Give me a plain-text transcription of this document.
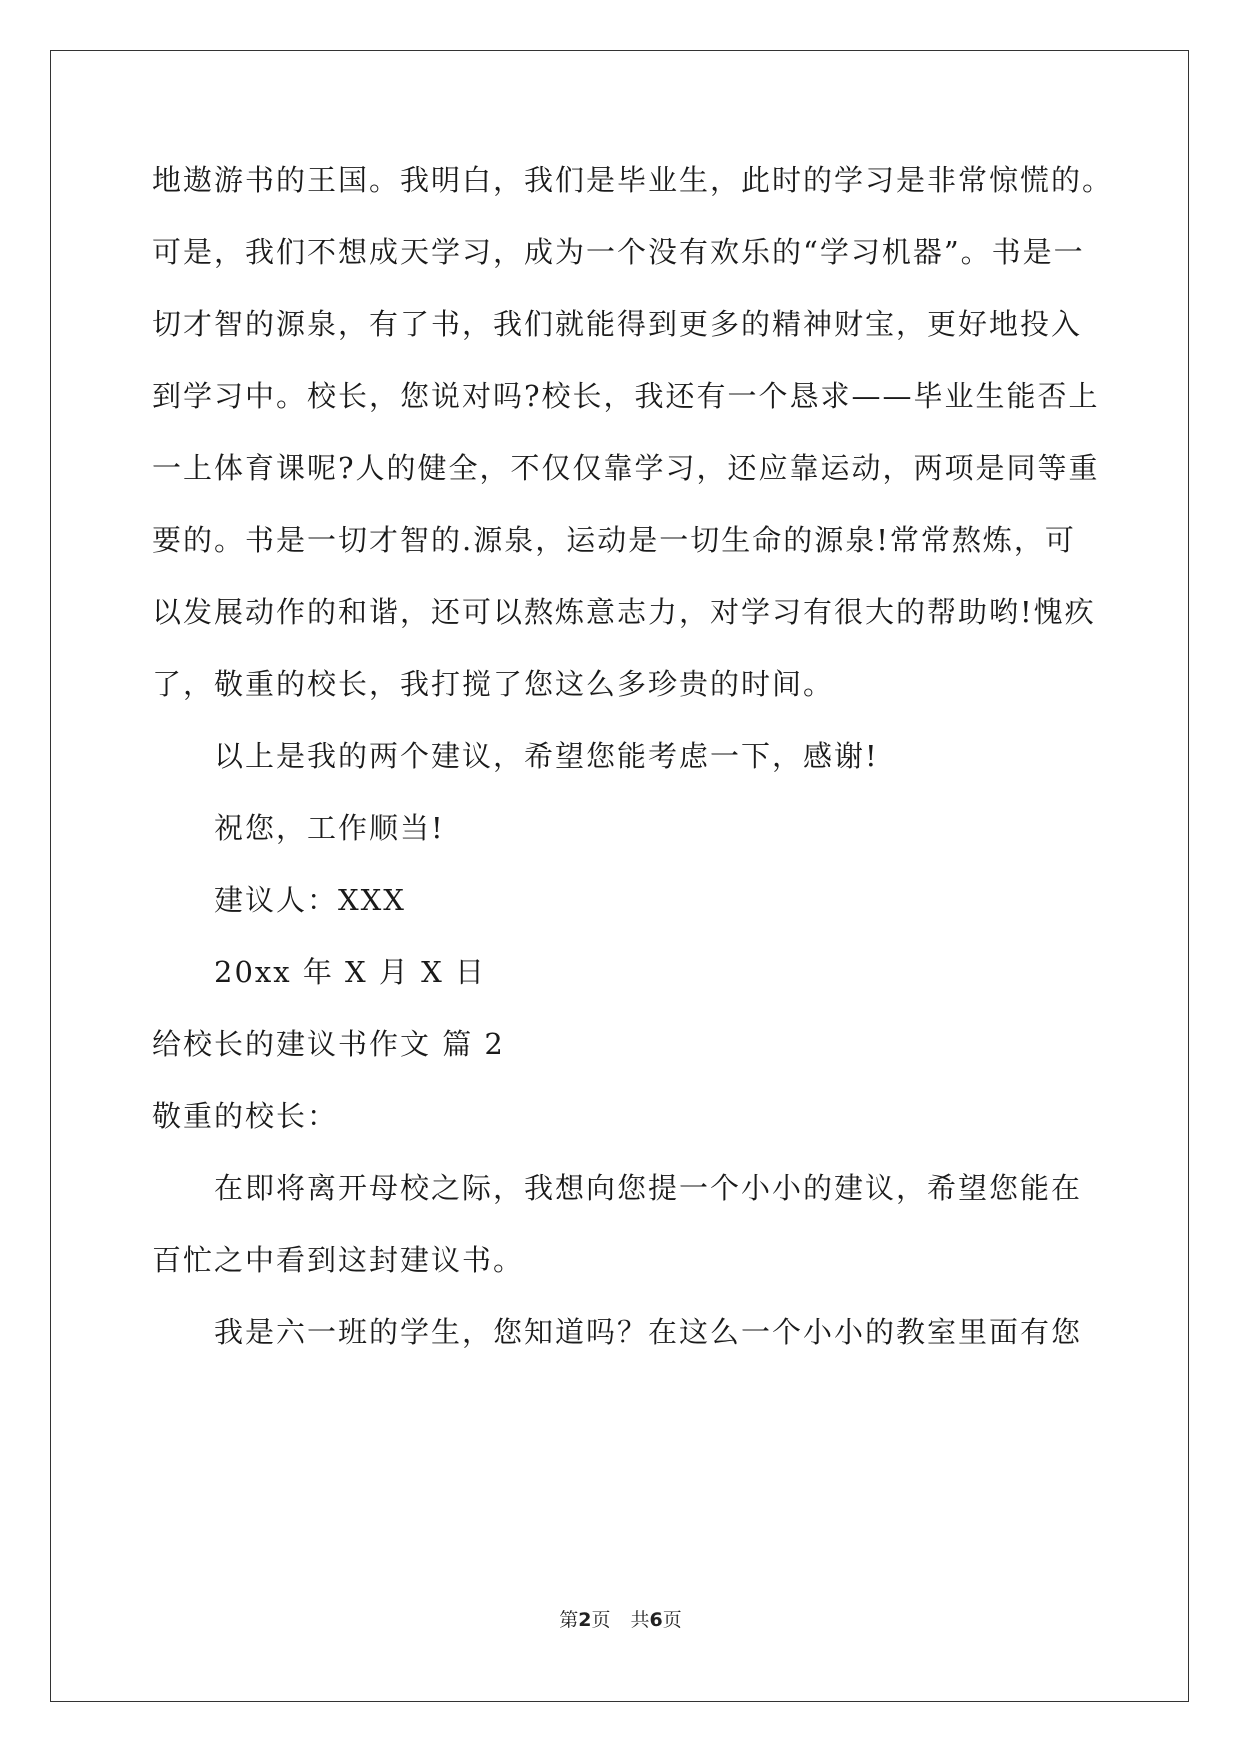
地遨游书的王国。我明白，我们是毕业生，此时的学习是非常惊慌的。
可是，我们不想成天学习，成为一个没有欢乐的“学习机器”。书是一
切才智的源泉，有了书，我们就能得到更多的精神财宝，更好地投入
到学习中。校长，您说对吗?校长，我还有一个恳求——毕业生能否上
一上体育课呢?人的健全，不仅仅靠学习，还应靠运动，两项是同等重
要的。书是一切才智的.源泉，运动是一切生命的源泉!常常熬炼，可
以发展动作的和谐，还可以熬炼意志力，对学习有很大的帮助哟!愧疚
了，敬重的校长，我打搅了您这么多珍贵的时间。
以上是我的两个建议，希望您能考虑一下，感谢!
祝您，工作顺当!
建议人：XXX
20xx 年 X 月 X 日
给校长的建议书作文 篇 2
敬重的校长：
在即将离开母校之际，我想向您提一个小小的建议，希望您能在
百忙之中看到这封建议书。
我是六一班的学生，您知道吗？在这么一个小小的教室里面有您
第2页 共6页
